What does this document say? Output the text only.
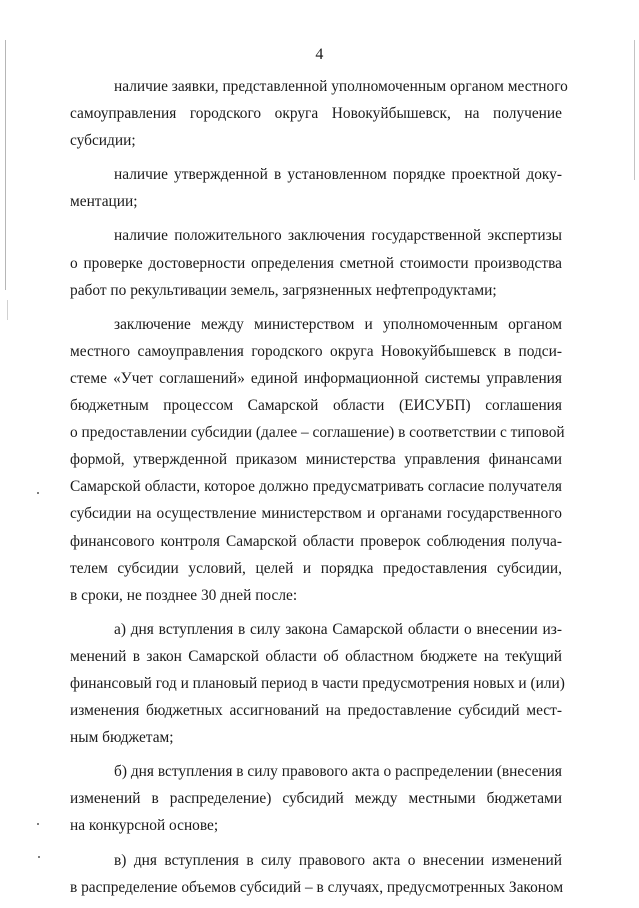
4

наличие заявки, представленной уполномоченным органом местного
самоуправления городского округа Новокуйбышевск, на получение
субсидии;

наличие утвержденной в установленном порядке проектной доку-
ментации;

наличие положительного заключения государственной экспертизы
о проверке достоверности определения сметной стоимости производства
работ по рекультивации земель, загрязненных нефтепродуктами;

заключение между министерством и уполномоченным органом
местного самоуправления городского округа Новокуйбышевск в подси-
стеме «Учет соглашений» единой информационной системы управления
бюджетным процессом Самарской области (ЕИСУБП) соглашения
о предоставлении субсидии (далее – соглашение) в соответствии с типовой
формой, утвержденной приказом министерства управления финансами
Самарской области, которое должно предусматривать согласие получателя
субсидии на осуществление министерством и органами государственного
финансового контроля Самарской области проверок соблюдения получа-
телем субсидии условий, целей и порядка предоставления субсидии,
в сроки, не позднее 30 дней после:

а) дня вступления в силу закона Самарской области о внесении из-
менений в закон Самарской области об областном бюджете на текущий
финансовый год и плановый период в части предусмотрения новых и (или)
изменения бюджетных ассигнований на предоставление субсидий мест-
ным бюджетам;

б) дня вступления в силу правового акта о распределении (внесения
изменений в распределение) субсидий между местными бюджетами
на конкурсной основе;

в) дня вступления в силу правового акта о внесении изменений
в распределение объемов субсидий – в случаях, предусмотренных Законом
